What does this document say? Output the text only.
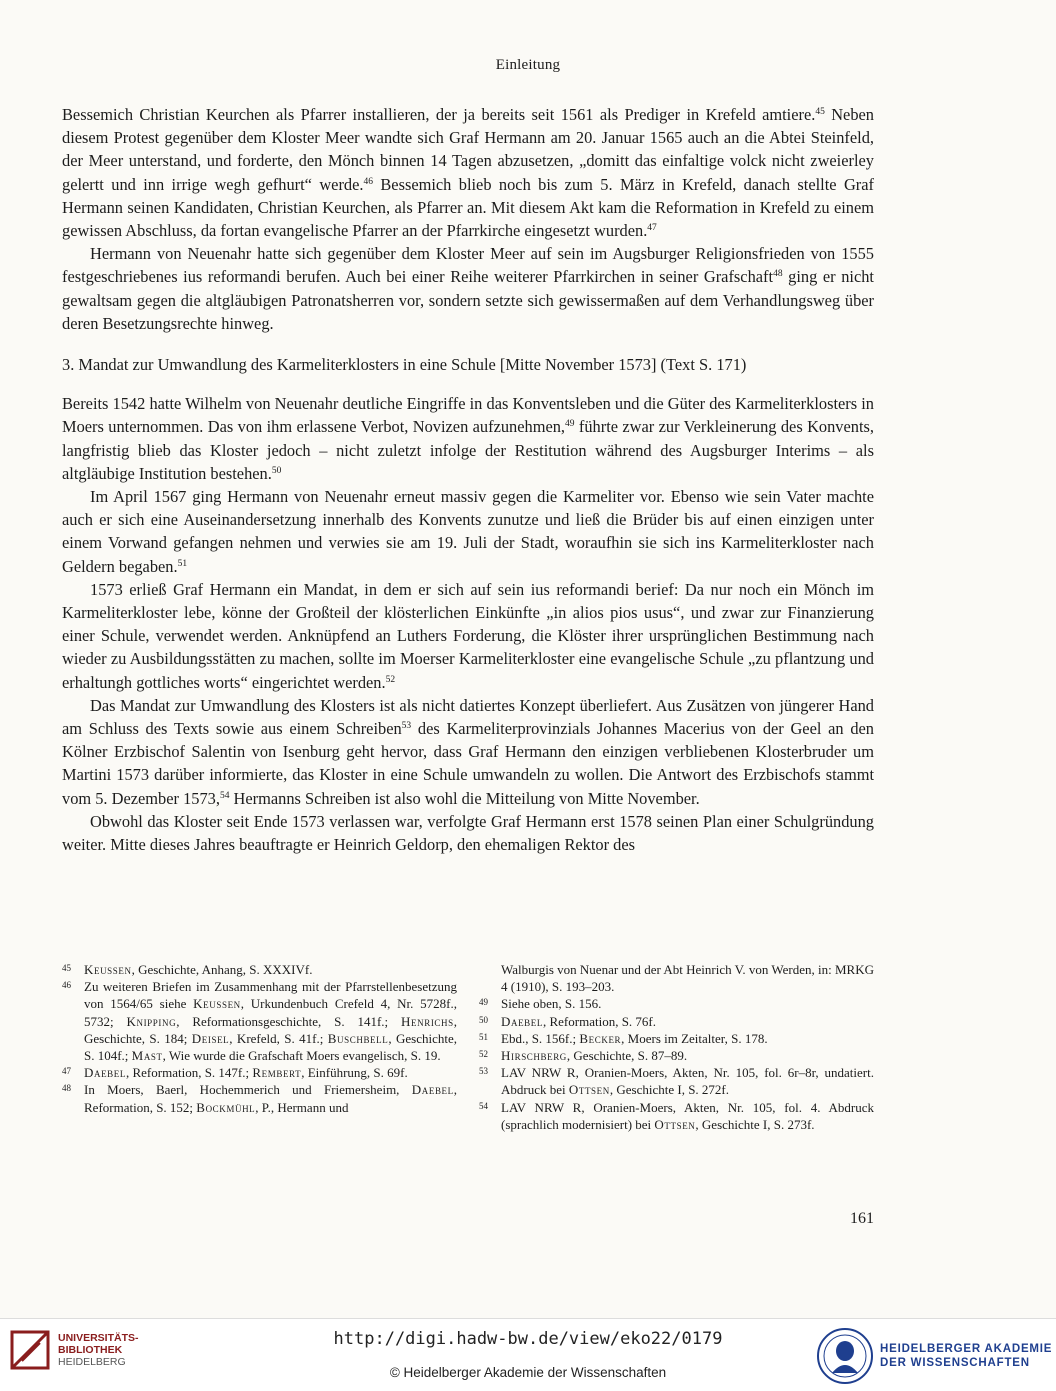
Einleitung

Bessemich Christian Keurchen als Pfarrer installieren, der ja bereits seit 1561 als Prediger in Krefeld amtiere.$^{45}$ Neben diesem Protest gegenüber dem Kloster Meer wandte sich Graf Hermann am 20. Januar 1565 auch an die Abtei Steinfeld, der Meer unterstand, und forderte, den Mönch binnen 14 Tagen abzusetzen, „domitt das einfaltige volck nicht zweierley gelertt und inn irrige wegh gefhurt“ werde.$^{46}$ Bessemich blieb noch bis zum 5. März in Krefeld, danach stellte Graf Hermann seinen Kandidaten, Christian Keurchen, als Pfarrer an. Mit diesem Akt kam die Reformation in Krefeld zu einem gewissen Abschluss, da fortan evangelische Pfarrer an der Pfarrkirche eingesetzt wurden.$^{47}$

Hermann von Neuenahr hatte sich gegenüber dem Kloster Meer auf sein im Augsburger Religionsfrieden von 1555 festgeschriebenes ius reformandi berufen. Auch bei einer Reihe weiterer Pfarrkirchen in seiner Grafschaft$^{48}$ ging er nicht gewaltsam gegen die altgläubigen Patronatsherren vor, sondern setzte sich gewissermaßen auf dem Verhandlungsweg über deren Besetzungsrechte hinweg.

3. Mandat zur Umwandlung des Karmeliterklosters in eine Schule [Mitte November 1573] (Text S. 171)

Bereits 1542 hatte Wilhelm von Neuenahr deutliche Eingriffe in das Konventsleben und die Güter des Karmeliterklosters in Moers unternommen. Das von ihm erlassene Verbot, Novizen aufzunehmen,$^{49}$ führte zwar zur Verkleinerung des Konvents, langfristig blieb das Kloster jedoch – nicht zuletzt infolge der Restitution während des Augsburger Interims – als altgläubige Institution bestehen.$^{50}$

Im April 1567 ging Hermann von Neuenahr erneut massiv gegen die Karmeliter vor. Ebenso wie sein Vater machte auch er sich eine Auseinandersetzung innerhalb des Konvents zunutze und ließ die Brüder bis auf einen einzigen unter einem Vorwand gefangen nehmen und verwies sie am 19. Juli der Stadt, woraufhin sie sich ins Karmeliterkloster nach Geldern begaben.$^{51}$

1573 erließ Graf Hermann ein Mandat, in dem er sich auf sein ius reformandi berief: Da nur noch ein Mönch im Karmeliterkloster lebe, könne der Großteil der klösterlichen Einkünfte „in alios pios usus“, und zwar zur Finanzierung einer Schule, verwendet werden. Anknüpfend an Luthers Forderung, die Klöster ihrer ursprünglichen Bestimmung nach wieder zu Ausbildungsstätten zu machen, sollte im Moerser Karmeliterkloster eine evangelische Schule „zu pflantzung und erhaltungh gottliches worts“ eingerichtet werden.$^{52}$

Das Mandat zur Umwandlung des Klosters ist als nicht datiertes Konzept überliefert. Aus Zusätzen von jüngerer Hand am Schluss des Texts sowie aus einem Schreiben$^{53}$ des Karmeliterprovinzials Johannes Macerius von der Geel an den Kölner Erzbischof Salentin von Isenburg geht hervor, dass Graf Hermann den einzigen verbliebenen Klosterbruder um Martini 1573 darüber informierte, das Kloster in eine Schule umwandeln zu wollen. Die Antwort des Erzbischofs stammt vom 5. Dezember 1573,54 Hermanns Schreiben ist also wohl die Mitteilung von Mitte November.

Obwohl das Kloster seit Ende 1573 verlassen war, verfolgte Graf Hermann erst 1578 seinen Plan einer Schulgründung weiter. Mitte dieses Jahres beauftragte er Heinrich Geldorp, den ehemaligen Rektor des

45	Keussen, Geschichte, Anhang, S. XXXIVf.
46	Zu weiteren Briefen im Zusammenhang mit der Pfarrstellenbesetzung von 1564/65 siehe Keussen, Urkundenbuch Crefeld 4, Nr. 5728f., 5732; Knipping, Reformationsgeschichte, S. 141f.; Henrichs, Geschichte, S. 184; Deisel, Krefeld, S. 41f.; Buschbell, Geschichte, S. 104f.; Mast, Wie wurde die Grafschaft Moers evangelisch, S. 19.
47	Daebel, Reformation, S. 147f.; Rembert, Einführung, S. 69f.
48	In Moers, Baerl, Hochemmerich und Friemersheim, Daebel, Reformation, S. 152; Bockmühl, P., Hermann und
Walburgis von Nuenar und der Abt Heinrich V. von Werden, in: MRKG 4 (1910), S. 193–203.
49	Siehe oben, S. 156.
50	Daebel, Reformation, S. 76f.
51	Ebd., S. 156f.; Becker, Moers im Zeitalter, S. 178.
52	Hirschberg, Geschichte, S. 87–89.
53	LAV NRW R, Oranien-Moers, Akten, Nr. 105, fol. 6r–8r, undatiert. Abdruck bei Ottsen, Geschichte I, S. 272f.
54	LAV NRW R, Oranien-Moers, Akten, Nr. 105, fol. 4. Abdruck (sprachlich modernisiert) bei Ottsen, Geschichte I, S. 273f.
161
UNIVERSITÄTS-
BIBLIOTHEK
HEIDELBERG
http://digi.hadw-bw.de/view/eko22/0179
© Heidelberger Akademie der Wissenschaften
HEIDELBERGER AKADEMIE
DER WISSENSCHAFTEN
